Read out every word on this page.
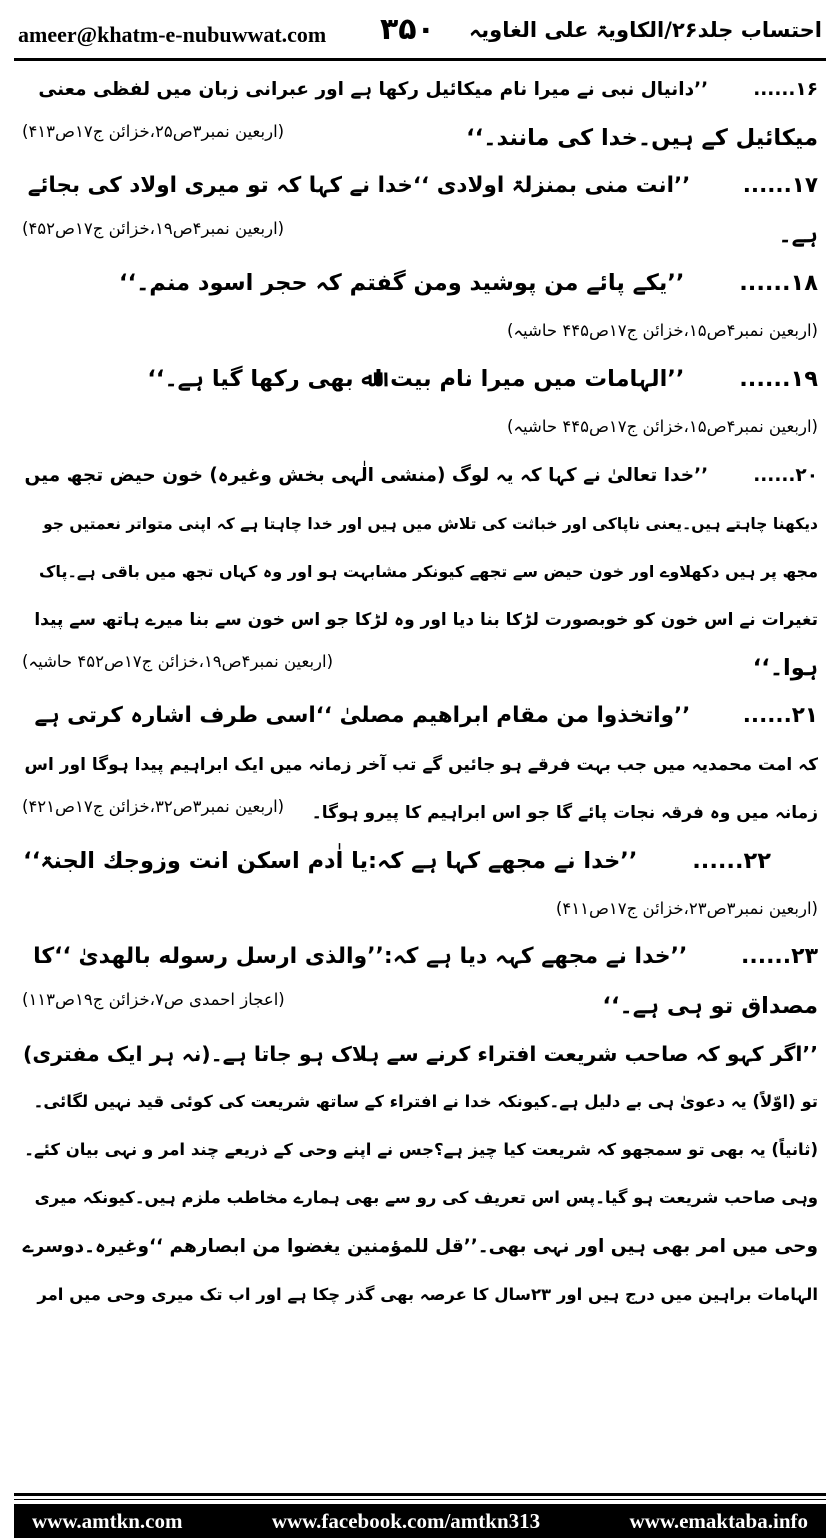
ameer@khatm-e-nubuwwat.com ۳۵۰ احتساب جلد۲۶/الکاویۃ علی الغاویہ
۱۶......       ’’دانیال نبی نے میرا نام میکائیل رکھا ہے اور عبرانی زبان میں لفظی معنی
میکائیل کے ہیں۔خدا کی مانند۔‘‘
(اربعین نمبر۳ص۲۵،خزائن ج۱۷ص۴۱۳)
۱۷......       ’’انت منی بمنزلۃ اولادی ‘‘خدا نے کہا کہ تو میری اولاد کی بجائے
ہے۔
(اربعین نمبر۴ص۱۹،خزائن ج۱۷ص۴۵۲)
۱۸......       ’’یکے پائے من پوشید ومن گفتم کہ حجر اسود منم۔‘‘
(اربعین نمبر۴ص۱۵،خزائن ج۱۷ص۴۴۵ حاشیہ)
۱۹......       ’’الہامات میں میرا نام بیت اﷲ بھی رکھا گیا ہے۔‘‘
(اربعین نمبر۴ص۱۵،خزائن ج۱۷ص۴۴۵ حاشیہ)
۲۰......       ’’خدا تعالیٰ نے کہا کہ یہ لوگ (منشی الٰہی بخش وغیرہ) خون حیض تجھ میں
دیکھنا چاہتے ہیں۔یعنی ناپاکی اور خباثت کی تلاش میں ہیں اور خدا چاہتا ہے کہ اپنی متواتر نعمتیں جو
مجھ پر ہیں دکھلاوے اور خون حیض سے تجھے کیونکر مشابہت ہو اور وہ کہاں تجھ میں باقی ہے۔پاک
تغیرات نے اس خون کو خوبصورت لڑکا بنا دیا اور وہ لڑکا جو اس خون سے بنا میرے ہاتھ سے پیدا
ہوا۔‘‘
(اربعین نمبر۴ص۱۹،خزائن ج۱۷ص۴۵۲ حاشیہ)
۲۱......       ’’واتخذوا من مقام ابراهیم مصلیٰ ‘‘اسی طرف اشارہ کرتی ہے
کہ امت محمدیہ میں جب بہت فرقے ہو جائیں گے تب آخر زمانہ میں ایک ابراہیم پیدا ہوگا اور اس
زمانہ میں وہ فرقہ نجات پائے گا جو اس ابراہیم کا پیرو ہوگا۔
(اربعین نمبر۳ص۳۲،خزائن ج۱۷ص۴۲۱)
۲۲......       ’’خدا نے مجھے کہا ہے کہ:یا اٰدم اسکن انت وزوجك الجنۃ‘‘
(اربعین نمبر۳ص۲۳،خزائن ج۱۷ص۴۱۱)
۲۳......       ’’خدا نے مجھے کہہ دیا ہے کہ:’’والذی ارسل رسوله بالهدیٰ ‘‘کا
مصداق تو ہی ہے۔‘‘
(اعجاز احمدی ص۷،خزائن ج۱۹ص۱۱۳)
’’اگر کہو کہ صاحب شریعت افتراء کرنے سے ہلاک ہو جاتا ہے۔(نہ ہر ایک مفتری)
تو (اوّلاً) یہ دعویٰ ہی بے دلیل ہے۔کیونکہ خدا نے افتراء کے ساتھ شریعت کی کوئی قید نہیں لگائی۔
(ثانیاً) یہ بھی تو سمجھو کہ شریعت کیا چیز ہے؟جس نے اپنے وحی کے ذریعے چند امر و نہی بیان کئے۔
وہی صاحب شریعت ہو گیا۔پس اس تعریف کی رو سے بھی ہمارے مخاطب ملزم ہیں۔کیونکہ میری
وحی میں امر بھی ہیں اور نہی بھی۔’’قل للمؤمنین یغضوا من ابصارهم ‘‘وغیرہ۔دوسرے
الہامات براہین میں درج ہیں اور ۲۳سال کا عرصہ بھی گذر چکا ہے اور اب تک میری وحی میں امر
www.amtkn.com	www.facebook.com/amtkn313	www.emaktaba.info
